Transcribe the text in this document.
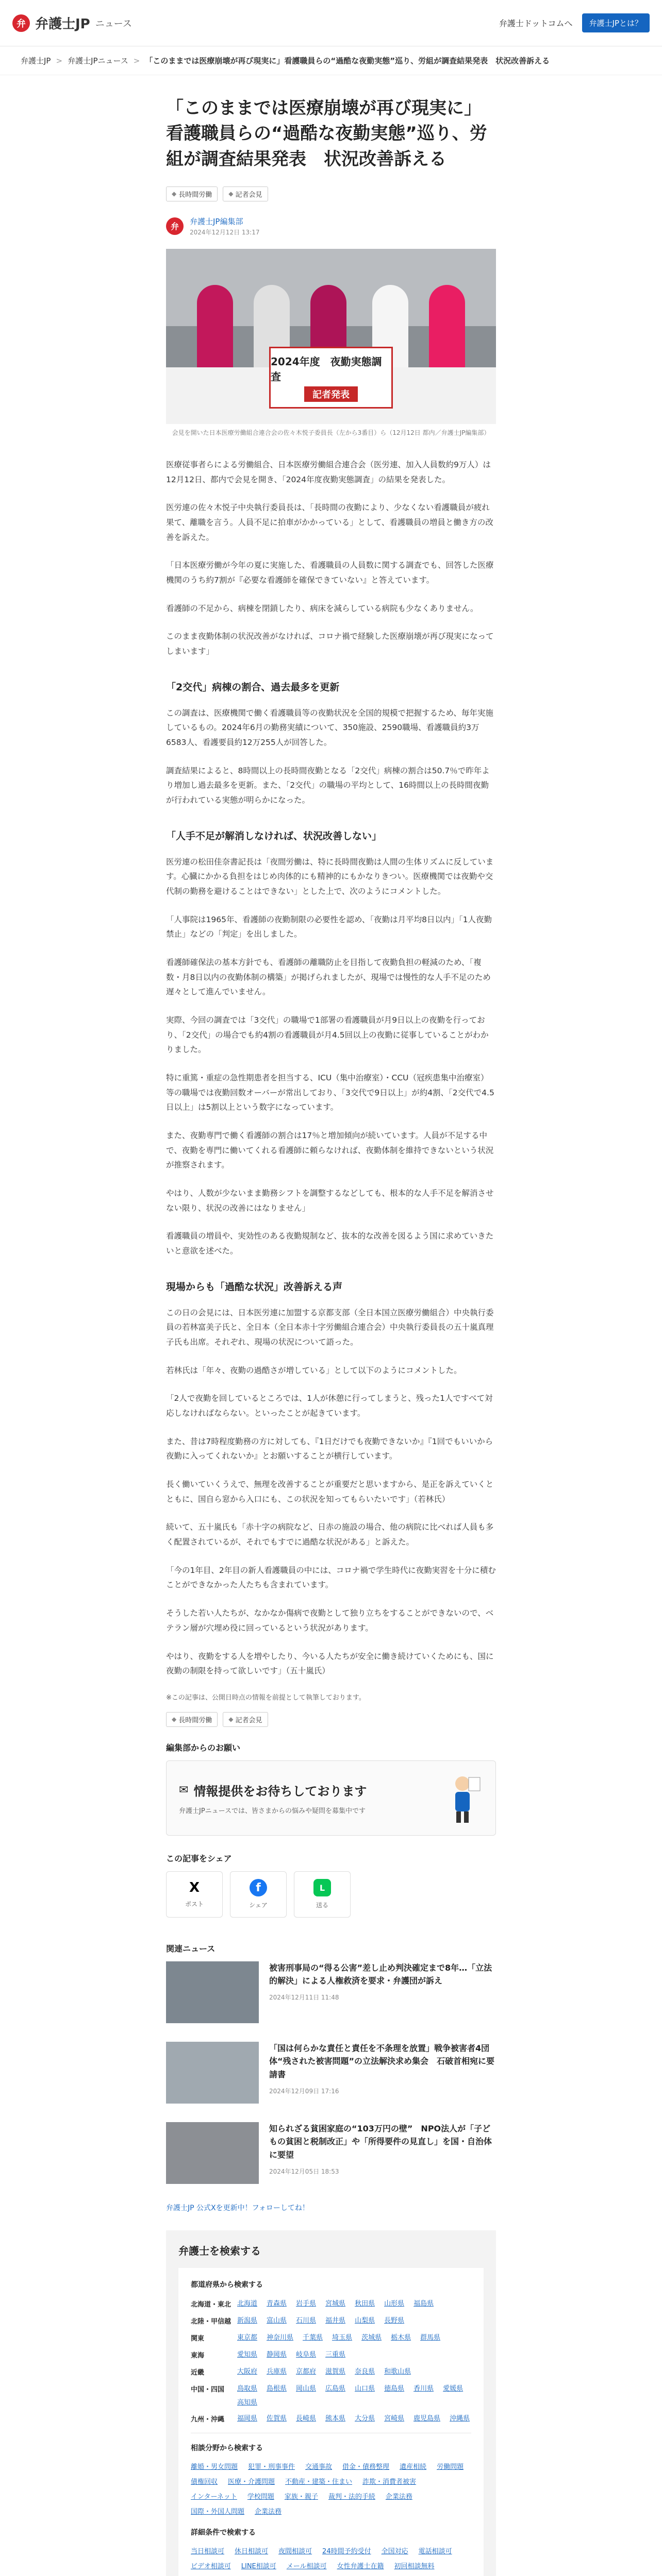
弁 弁護士JP ニュース	弁護士ドットコムへ	弁護士JPとは？
弁護士JP > 弁護士JPニュース > 「このままでは医療崩壊が再び現実に」看護職員らの“過酷な夜勤実態”巡り、労組が調査結果発表　状況改善訴える
「このままでは医療崩壊が再び現実に」看護職員らの“過酷な夜勤実態”巡り、労組が調査結果発表　状況改善訴える
◆ 長時間労働	◆ 記者会見
弁
弁護士JP編集部
2024年12月12日 13:17
2024年度　夜勤実態調査
記者発表

会見を開いた日本医療労働組合連合会の佐々木悦子委員長（左から3番目）ら（12月12日 都内／弁護士JP編集部）

医療従事者らによる労働組合、日本医療労働組合連合会（医労連、加入人員数約9万人）は12月12日、都内で会見を開き、「2024年度夜勤実態調査」の結果を発表した。

医労連の佐々木悦子中央執行委員長は、「長時間の夜勤により、少なくない看護職員が疲れ果て、離職を言う。人員不足に拍車がかかっている」として、看護職員の増員と働き方の改善を訴えた。

「日本医療労働が今年の夏に実施した、看護職員の人員数に関する調査でも、回答した医療機関のうち約7割が『必要な看護師を確保できていない』と答えています。

看護師の不足から、病棟を閉鎖したり、病床を減らしている病院も少なくありません。

このまま夜勤体制の状況改善がなければ、コロナ禍で経験した医療崩壊が再び現実になってしまいます」

「2交代」病棟の割合、過去最多を更新

この調査は、医療機関で働く看護職員等の夜勤状況を全国的規模で把握するため、毎年実施しているもの。2024年6月の勤務実績について、350施設、2590職場、看護職員約3万6583人、看護要員約12万255人が回答した。

調査結果によると、8時間以上の長時間夜勤となる「2交代」病棟の割合は50.7％で昨年より増加し過去最多を更新。また、「2交代」の職場の平均として、16時間以上の長時間夜勤が行われている実態が明らかになった。

「人手不足が解消しなければ、状況改善しない」

医労連の松田佳奈書記長は「夜間労働は、特に長時間夜勤は人間の生体リズムに反しています。心臓にかかる負担をはじめ肉体的にも精神的にもかなりきつい。医療機関では夜勤や交代制の勤務を避けることはできない」とした上で、次のようにコメントした。

「人事院は1965年、看護師の夜勤制限の必要性を認め、「夜勤は月平均8日以内」「1人夜勤禁止」などの「判定」を出しました。

看護師確保法の基本方針でも、看護師の離職防止を目指して夜勤負担の軽減のため、「複数・月8日以内の夜勤体制の構築」が掲げられましたが、現場では慢性的な人手不足のため遅々として進んでいません。

実際、今回の調査では「3交代」の職場で1部署の看護職員が月9日以上の夜勤を行っており、「2交代」の場合でも約4割の看護職員が月4.5回以上の夜勤に従事していることがわかりました。

特に重篤・重症の急性期患者を担当する、ICU（集中治療室）・CCU（冠疾患集中治療室）等の職場では夜勤回数オーバーが常出しており、「3交代で9日以上」が約4割、「2交代で4.5日以上」は5割以上という数字になっています。

また、夜勤専門で働く看護師の割合は17％と増加傾向が続いています。人員が不足する中で、夜勤を専門に働いてくれる看護師に頼らなければ、夜勤体制を維持できないという状況が推察されます。

やはり、人数が少ないまま勤務シフトを調整するなどしても、根本的な人手不足を解消させない限り、状況の改善にはなりません」

看護職員の増員や、実効性のある夜勤規制など、抜本的な改善を図るよう国に求めていきたいと意欲を述べた。

現場からも「過酷な状況」改善訴える声

この日の会見には、日本医労連に加盟する京都支部（全日本国立医療労働組合）中央執行委員の若林富美子氏と、全日本（全日本赤十字労働組合連合会）中央執行委員長の五十嵐真理子氏も出席。それぞれ、現場の状況について語った。

若林氏は「年々、夜勤の過酷さが増している」として以下のようにコメントした。

「2人で夜勤を回しているところでは、1人が休憩に行ってしまうと、残った1人ですべて対応しなければならない。といったことが起きています。

また、昔は7時程度勤務の方に対しても、『1日だけでも夜勤でき​ないか』『1回でもいいから夜勤に入ってくれないか』とお願いすることが横行しています。

長く働いていくうえで、無理を改善することが重要だと思いますから、是正を訴えていくとともに、国自ら窓から入口にも、この状況を知ってもらいたいです」（若林氏）

続いて、五十嵐氏も「赤十字の病院など、日赤の施設の場合、他の病院に比べれば人員も多く配置されているが、それでもすでに過酷な状況がある」と訴えた。

「今の1年目、2年目の新人看護職員の中には、コロナ禍で学生時代に夜勤実習を十分に積むことができなかった人たちも含まれています。

そうした若い人たちが、なかなか傷病で夜勤として独り立ちをすることができないので、ベテラン層が穴埋め役に回っているという状況があります。

やはり、夜勤をする人を増やしたり、今いる人たちが安全に働き続けていくためにも、国に夜勤の制限を持って欲しいです」（五十嵐氏）

※この記事は、公開日時点の情報を前提として執筆しております。

◆ 長時間労働	◆ 記者会見
編集部からのお願い
✉ 情報提供をお待ちしております
弁護士JPニュースでは、皆さまからの悩みや疑問を募集中です
この記事をシェア
X
ポスト
f
シェア
L
送る
関連ニュース
被害刑事局の“得る公害”差し止め判決確定まで8年…「立法的解決」による人権救済を要求・弁護団が訴え
2024年12月11日 11:48
「国は何らかな責任と責任を不条理を放置」戦争被害者4団体“残された被害問題”の立法解決求め集会　石破首相宛に要請書
2024年12月09日 17:16
知られざる貧困家庭の“103万円の壁”　NPO法人が「子どもの貧困と税制改正」や「所得要件の見直し」を国・自治体に要望
2024年12月05日 18:53
弁護士JP 公式Xを更新中！フォローしてね！
弁護士を検索する
都道府県から検索する
北海道・東北 北海道 青森県 岩手県 宮城県 秋田県 山形県 福島県
北陸・甲信越 新潟県 富山県 石川県 福井県 山梨県 長野県
関東	東京都 神奈川県 千葉県 埼玉県 茨城県 栃木県 群馬県
東海	愛知県 静岡県 岐阜県 三重県
近畿	大阪府 兵庫県 京都府 滋賀県 奈良県 和歌山県
中国・四国	鳥取県 島根県 岡山県 広島県 山口県 徳島県 香川県 愛媛県
高知県
九州・沖縄	福岡県 佐賀県 長崎県 熊本県 大分県 宮崎県 鹿児島県 沖縄県
相談分野から検索する
離婚・男女問題 犯罪・刑事事件 交通事故 借金・債務整理 遺産相続 労働問題
債権回収 医療・介護問題 不動産・建築・住まい 詐欺・消費者被害
インターネット 学校問題 家族・親子 裁判・法的手続 企業法務
国際・外国人問題 企業法務
詳細条件で検索する
当日相談可 休日相談可 夜間相談可 24時間予約受付 全国対応 電話相談可
ビデオ相談可 LINE相談可 メール相談可 女性弁護士在籍 初回相談無料
